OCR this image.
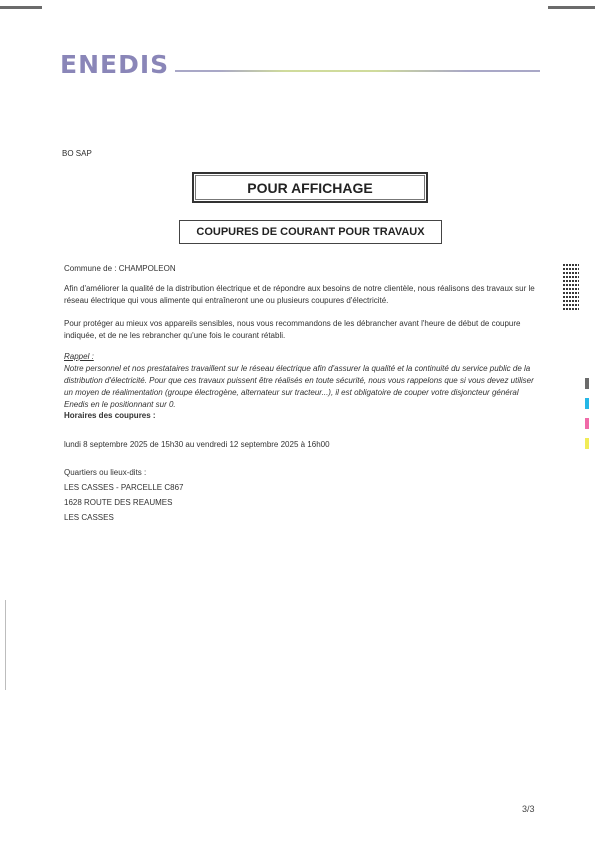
ENEDIS
BO SAP
POUR AFFICHAGE
COUPURES DE COURANT POUR TRAVAUX
Commune de : CHAMPOLEON
Afin d'améliorer la qualité de la distribution électrique et de répondre aux besoins de notre clientèle, nous réalisons des travaux sur le réseau électrique qui vous alimente qui entraîneront une ou plusieurs coupures d'électricité.
Pour protéger au mieux vos appareils sensibles, nous vous recommandons de les débrancher avant l'heure de début de coupure indiquée, et de ne les rebrancher qu'une fois le courant rétabli.
Rappel :
Notre personnel et nos prestataires travaillent sur le réseau électrique afin d'assurer la qualité et la continuité du service public de la distribution d'électricité. Pour que ces travaux puissent être réalisés en toute sécurité, nous vous rappelons que si vous devez utiliser un moyen de réalimentation (groupe électrogène, alternateur sur tracteur...), il est obligatoire de couper votre disjoncteur général Enedis en le positionnant sur 0.
Horaires des coupures :
lundi 8 septembre 2025 de 15h30 au vendredi 12 septembre 2025 à 16h00
Quartiers ou lieux-dits :
LES CASSES - PARCELLE C867
1628 ROUTE DES REAUMES
LES CASSES
3/3
